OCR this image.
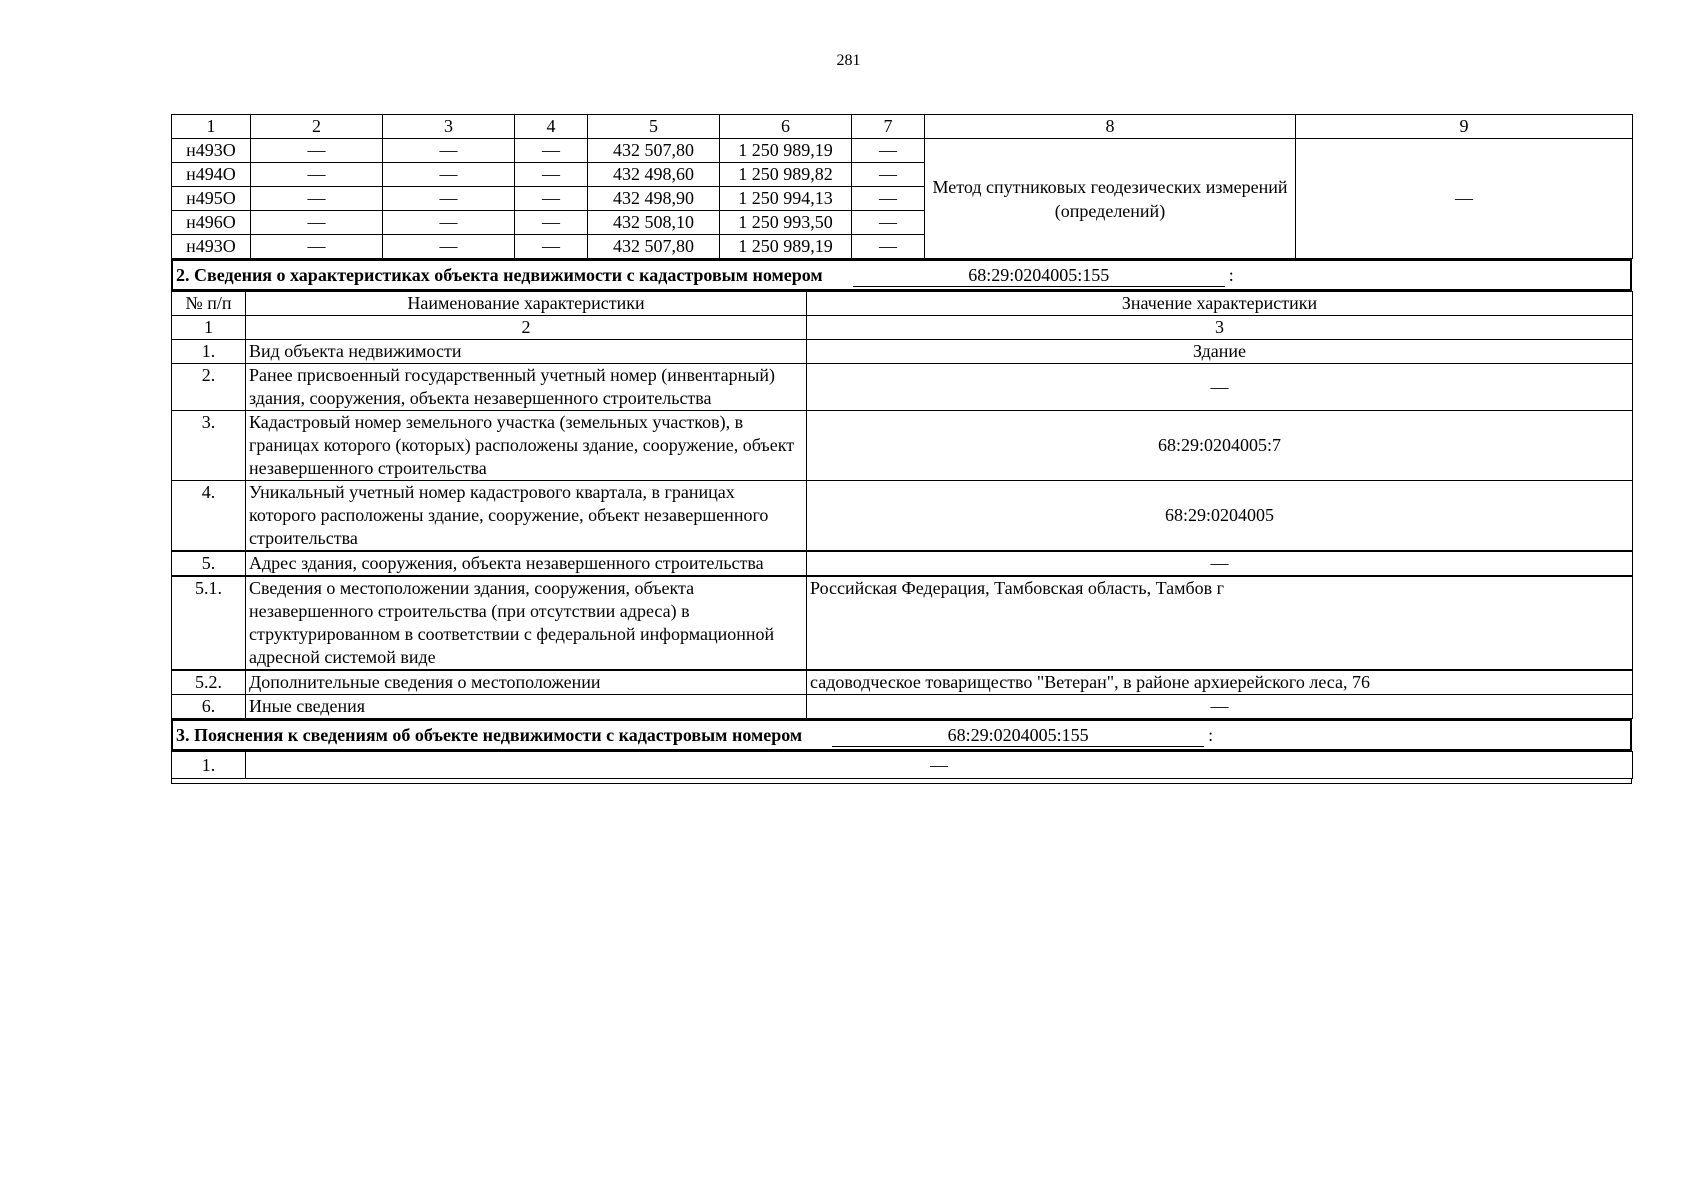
281
1	2	3	4	5	6	7	8	9
н493О	—	—	—	432 507,80	1 250 989,19	—	Метод спутниковых геодезических измерений (определений)	—
н494О	—	—	—	432 498,60	1 250 989,82	—		
н495О	—	—	—	432 498,90	1 250 994,13	—		
н496О	—	—	—	432 508,10	1 250 993,50	—		
н493О	—	—	—	432 507,80	1 250 989,19	—		
2. Сведения о характеристиках объекта недвижимости с кадастровым номером	68:29:0204005:155	:
№ п/п	Наименование характеристики	Значение характеристики
1	2	3
1.	Вид объекта недвижимости	Здание
2.	Ранее присвоенный государственный учетный номер (инвентарный) здания, сооружения, объекта незавершенного строительства	—
3.	Кадастровый номер земельного участка (земельных участков), в границах которого (которых) расположены здание, сооружение, объект незавершенного строительства	68:29:0204005:7
4.	Уникальный учетный номер кадастрового квартала, в границах которого расположены здание, сооружение, объект незавершенного строительства	68:29:0204005
5.	Адрес здания, сооружения, объекта незавершенного строительства	—
5.1.	Сведения о местоположении здания, сооружения, объекта незавершенного строительства (при отсутствии адреса) в структурированном в соответствии с федеральной информационной адресной системой виде	Российская Федерация, Тамбовская область, Тамбов г
5.2.	Дополнительные сведения о местоположении	садоводческое товарищество "Ветеран", в районе архиерейского леса, 76
6.	Иные сведения	—
3. Пояснения к сведениям об объекте недвижимости с кадастровым номером	68:29:0204005:155	:
1.	—
